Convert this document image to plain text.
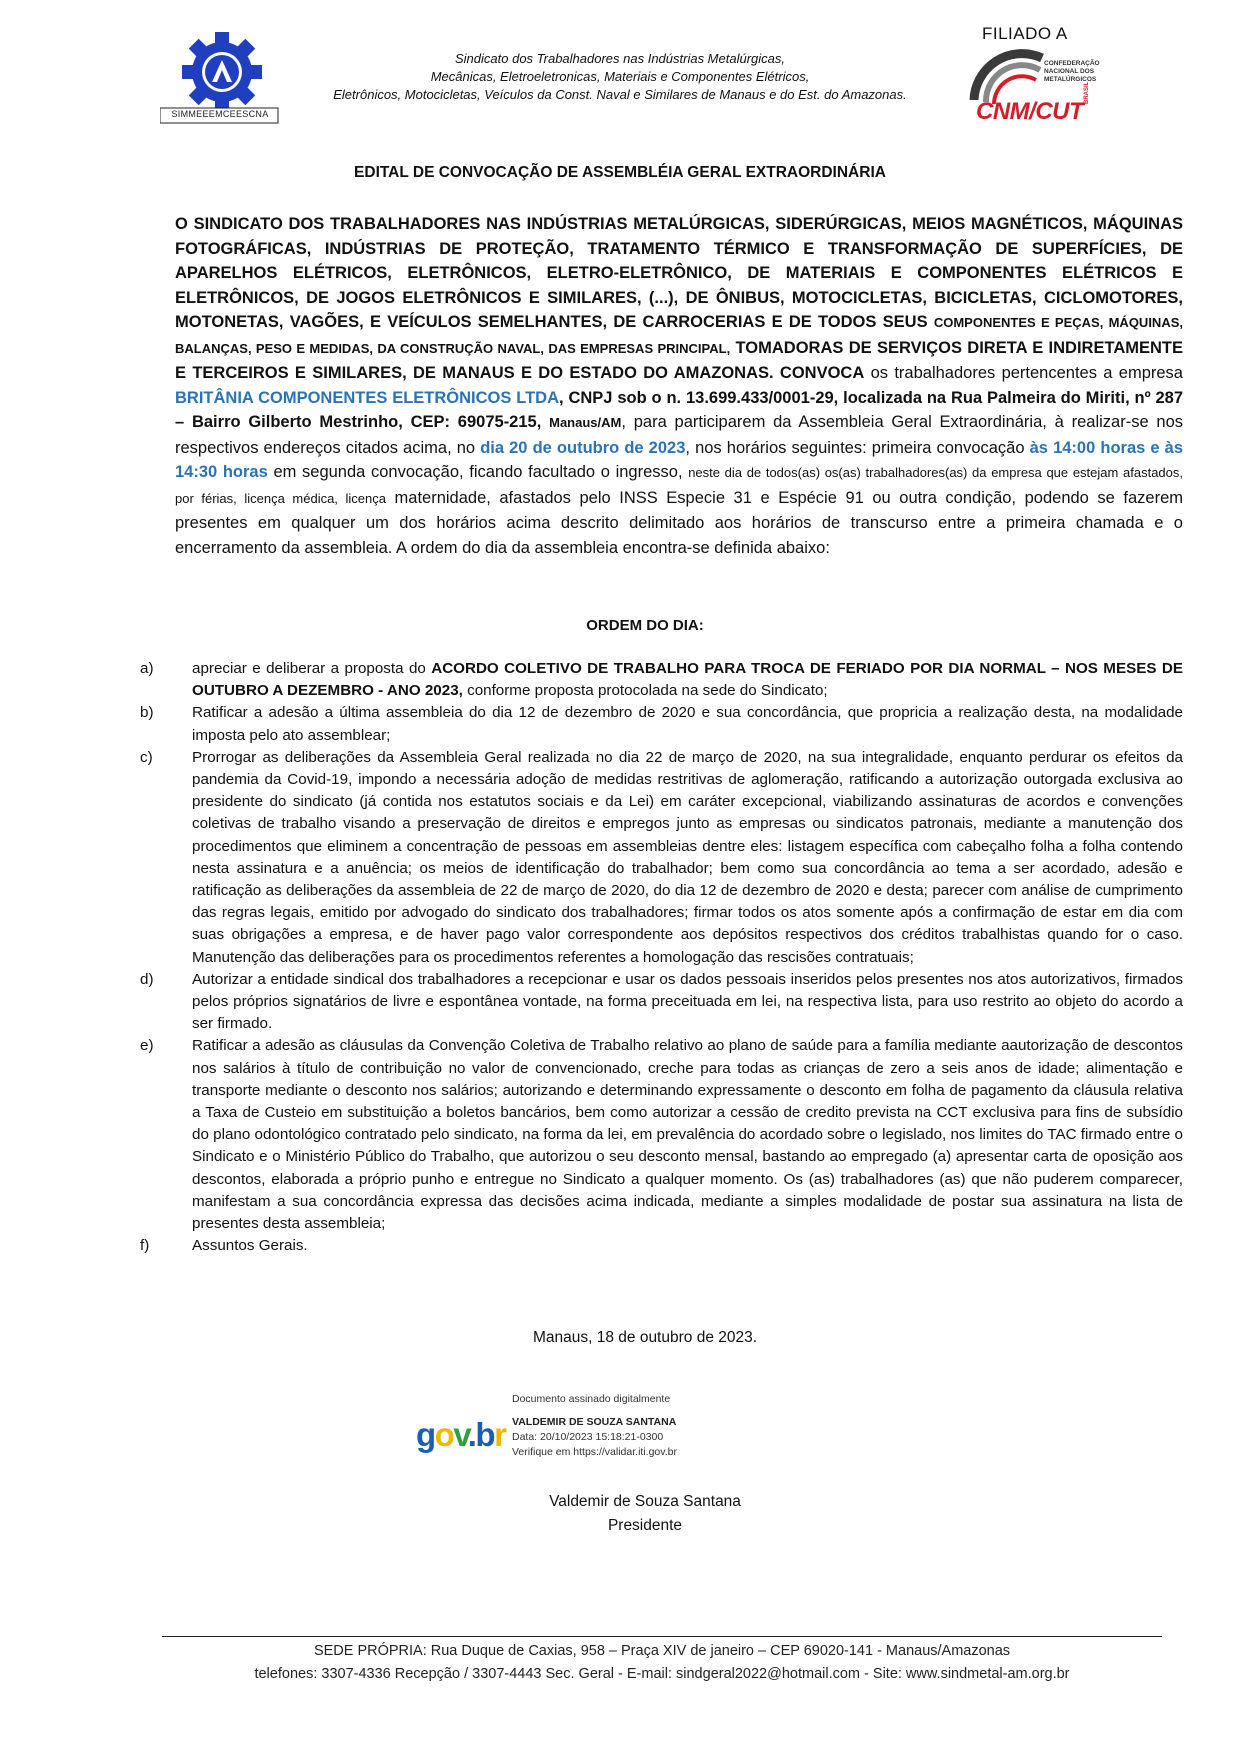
SIMMEEEMCEESCNA
Sindicato dos Trabalhadores nas Indústrias Metalúrgicas,
Mecânicas, Eletroeletronicas, Materiais e Componentes Elétricos,
Eletrônicos, Motocicletas, Veículos da Const. Naval e Similares de Manaus e do Est. do Amazonas.
FILIADO A
CONFEDERAÇÃO NACIONAL DOS METALÚRGICOS
CNM/CUT
BRASIL
EDITAL DE CONVOCAÇÃO DE ASSEMBLÉIA GERAL EXTRAORDINÁRIA
O SINDICATO DOS TRABALHADORES NAS INDÚSTRIAS METALÚRGICAS, SIDERÚRGICAS, MEIOS MAGNÉTICOS, MÁQUINAS FOTOGRÁFICAS, INDÚSTRIAS DE PROTEÇÃO, TRATAMENTO TÉRMICO E TRANSFORMAÇÃO DE SUPERFÍCIES, DE APARELHOS ELÉTRICOS, ELETRÔNICOS, ELETRO-ELETRÔNICO, DE MATERIAIS E COMPONENTES ELÉTRICOS E ELETRÔNICOS, DE JOGOS ELETRÔNICOS E SIMILARES, (...), DE ÔNIBUS, MOTOCICLETAS, BICICLETAS, CICLOMOTORES, MOTONETAS, VAGÕES, E VEÍCULOS SEMELHANTES, DE CARROCERIAS E DE TODOS SEUS COMPONENTES E PEÇAS, MÁQUINAS, BALANÇAS, PESO E MEDIDAS, DA CONSTRUÇÃO NAVAL, DAS EMPRESAS PRINCIPAL, TOMADORAS DE SERVIÇOS DIRETA E INDIRETAMENTE E TERCEIROS E SIMILARES, DE MANAUS E DO ESTADO DO AMAZONAS. CONVOCA os trabalhadores pertencentes a empresa BRITÂNIA COMPONENTES ELETRÔNICOS LTDA, CNPJ sob o n. 13.699.433/0001-29, localizada na Rua Palmeira do Miriti, nº 287 – Bairro Gilberto Mestrinho, CEP: 69075-215, Manaus/AM, para participarem da Assembleia Geral Extraordinária, à realizar-se nos respectivos endereços citados acima, no dia 20 de outubro de 2023, nos horários seguintes: primeira convocação às 14:00 horas e às 14:30 horas em segunda convocação, ficando facultado o ingresso, neste dia de todos(as) os(as) trabalhadores(as) da empresa que estejam afastados, por férias, licença médica, licença maternidade, afastados pelo INSS Especie 31 e Espécie 91 ou outra condição, podendo se fazerem presentes em qualquer um dos horários acima descrito delimitado aos horários de transcurso entre a primeira chamada e o encerramento da assembleia. A ordem do dia da assembleia encontra-se definida abaixo:
ORDEM DO DIA:
a)	apreciar e deliberar a proposta do ACORDO COLETIVO DE TRABALHO PARA TROCA DE FERIADO POR DIA NORMAL – NOS MESES DE OUTUBRO A DEZEMBRO - ANO 2023, conforme proposta protocolada na sede do Sindicato;
b)	Ratificar a adesão a última assembleia do dia 12 de dezembro de 2020 e sua concordância, que propricia a realização desta, na modalidade imposta pelo ato assemblear;
c)	Prorrogar as deliberações da Assembleia Geral realizada no dia 22 de março de 2020, na sua integralidade, enquanto perdurar os efeitos da pandemia da Covid-19, impondo a necessária adoção de medidas restritivas de aglomeração, ratificando a autorização outorgada exclusiva ao presidente do sindicato (já contida nos estatutos sociais e da Lei) em caráter excepcional, viabilizando assinaturas de acordos e convenções coletivas de trabalho visando a preservação de direitos e empregos junto as empresas ou sindicatos patronais, mediante a manutenção dos procedimentos que eliminem a concentração de pessoas em assembleias dentre eles: listagem específica com cabeçalho folha a folha contendo nesta assinatura e a anuência; os meios de identificação do trabalhador; bem como sua concordância ao tema a ser acordado, adesão e ratificação as deliberações da assembleia de 22 de março de 2020, do dia 12 de dezembro de 2020 e desta; parecer com análise de cumprimento das regras legais, emitido por advogado do sindicato dos trabalhadores; firmar todos os atos somente após a confirmação de estar em dia com suas obrigações a empresa, e de haver pago valor correspondente aos depósitos respectivos dos créditos trabalhistas quando for o caso. Manutenção das deliberações para os procedimentos referentes a homologação das rescisões contratuais;
d)	Autorizar a entidade sindical dos trabalhadores a recepcionar e usar os dados pessoais inseridos pelos presentes nos atos autorizativos, firmados pelos próprios signatários de livre e espontânea vontade, na forma preceituada em lei, na respectiva lista, para uso restrito ao objeto do acordo a ser firmado.
e)	Ratificar a adesão as cláusulas da Convenção Coletiva de Trabalho relativo ao plano de saúde para a família mediante aautorização de descontos nos salários à título de contribuição no valor de convencionado, creche para todas as crianças de zero a seis anos de idade; alimentação e transporte mediante o desconto nos salários; autorizando e determinando expressamente o desconto em folha de pagamento da cláusula relativa a Taxa de Custeio em substituição a boletos bancários, bem como autorizar a cessão de credito prevista na CCT exclusiva para fins de subsídio do plano odontológico contratado pelo sindicato, na forma da lei, em prevalência do acordado sobre o legislado, nos limites do TAC firmado entre o Sindicato e o Ministério Público do Trabalho, que autorizou o seu desconto mensal, bastando ao empregado (a) apresentar carta de oposição aos descontos, elaborada a próprio punho e entregue no Sindicato a qualquer momento. Os (as) trabalhadores (as) que não puderem comparecer, manifestam a sua concordância expressa das decisões acima indicada, mediante a simples modalidade de postar sua assinatura na lista de presentes desta assembleia;
f)	Assuntos Gerais.
Manaus, 18 de outubro de 2023.
gov.br
Documento assinado digitalmente
VALDEMIR DE SOUZA SANTANA
Data: 20/10/2023 15:18:21-0300
Verifique em https://validar.iti.gov.br
Valdemir de Souza Santana
Presidente
SEDE PRÓPRIA: Rua Duque de Caxias, 958 – Praça XIV de janeiro – CEP 69020-141 - Manaus/Amazonas
telefones: 3307-4336 Recepção / 3307-4443 Sec. Geral - E-mail: sindgeral2022@hotmail.com - Site: www.sindmetal-am.org.br
